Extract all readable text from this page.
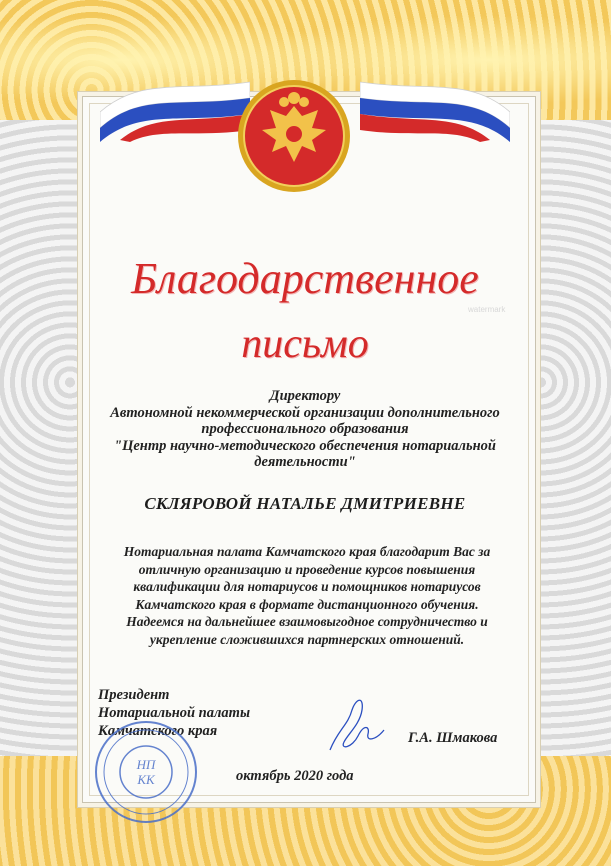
Благодарственное
письмо
watermark
Директору
Автономной некоммерческой организации дополнительного
профессионального образования
"Центр научно-методического обеспечения нотариальной
деятельности"
СКЛЯРОВОЙ НАТАЛЬЕ ДМИТРИЕВНЕ
Нотариальная палата Камчатского края благодарит Вас за
отличную организацию и проведение курсов повышения
квалификации для нотариусов и помощников нотариусов
Камчатского края в формате дистанционного обучения.
Надеемся на дальнейшее взаимовыгодное сотрудничество и
укрепление сложившихся партнерских отношений.
Президент
Нотариальной палаты
Камчатского края	Г.А. Шмакова
октябрь 2020 года
НП
КК
